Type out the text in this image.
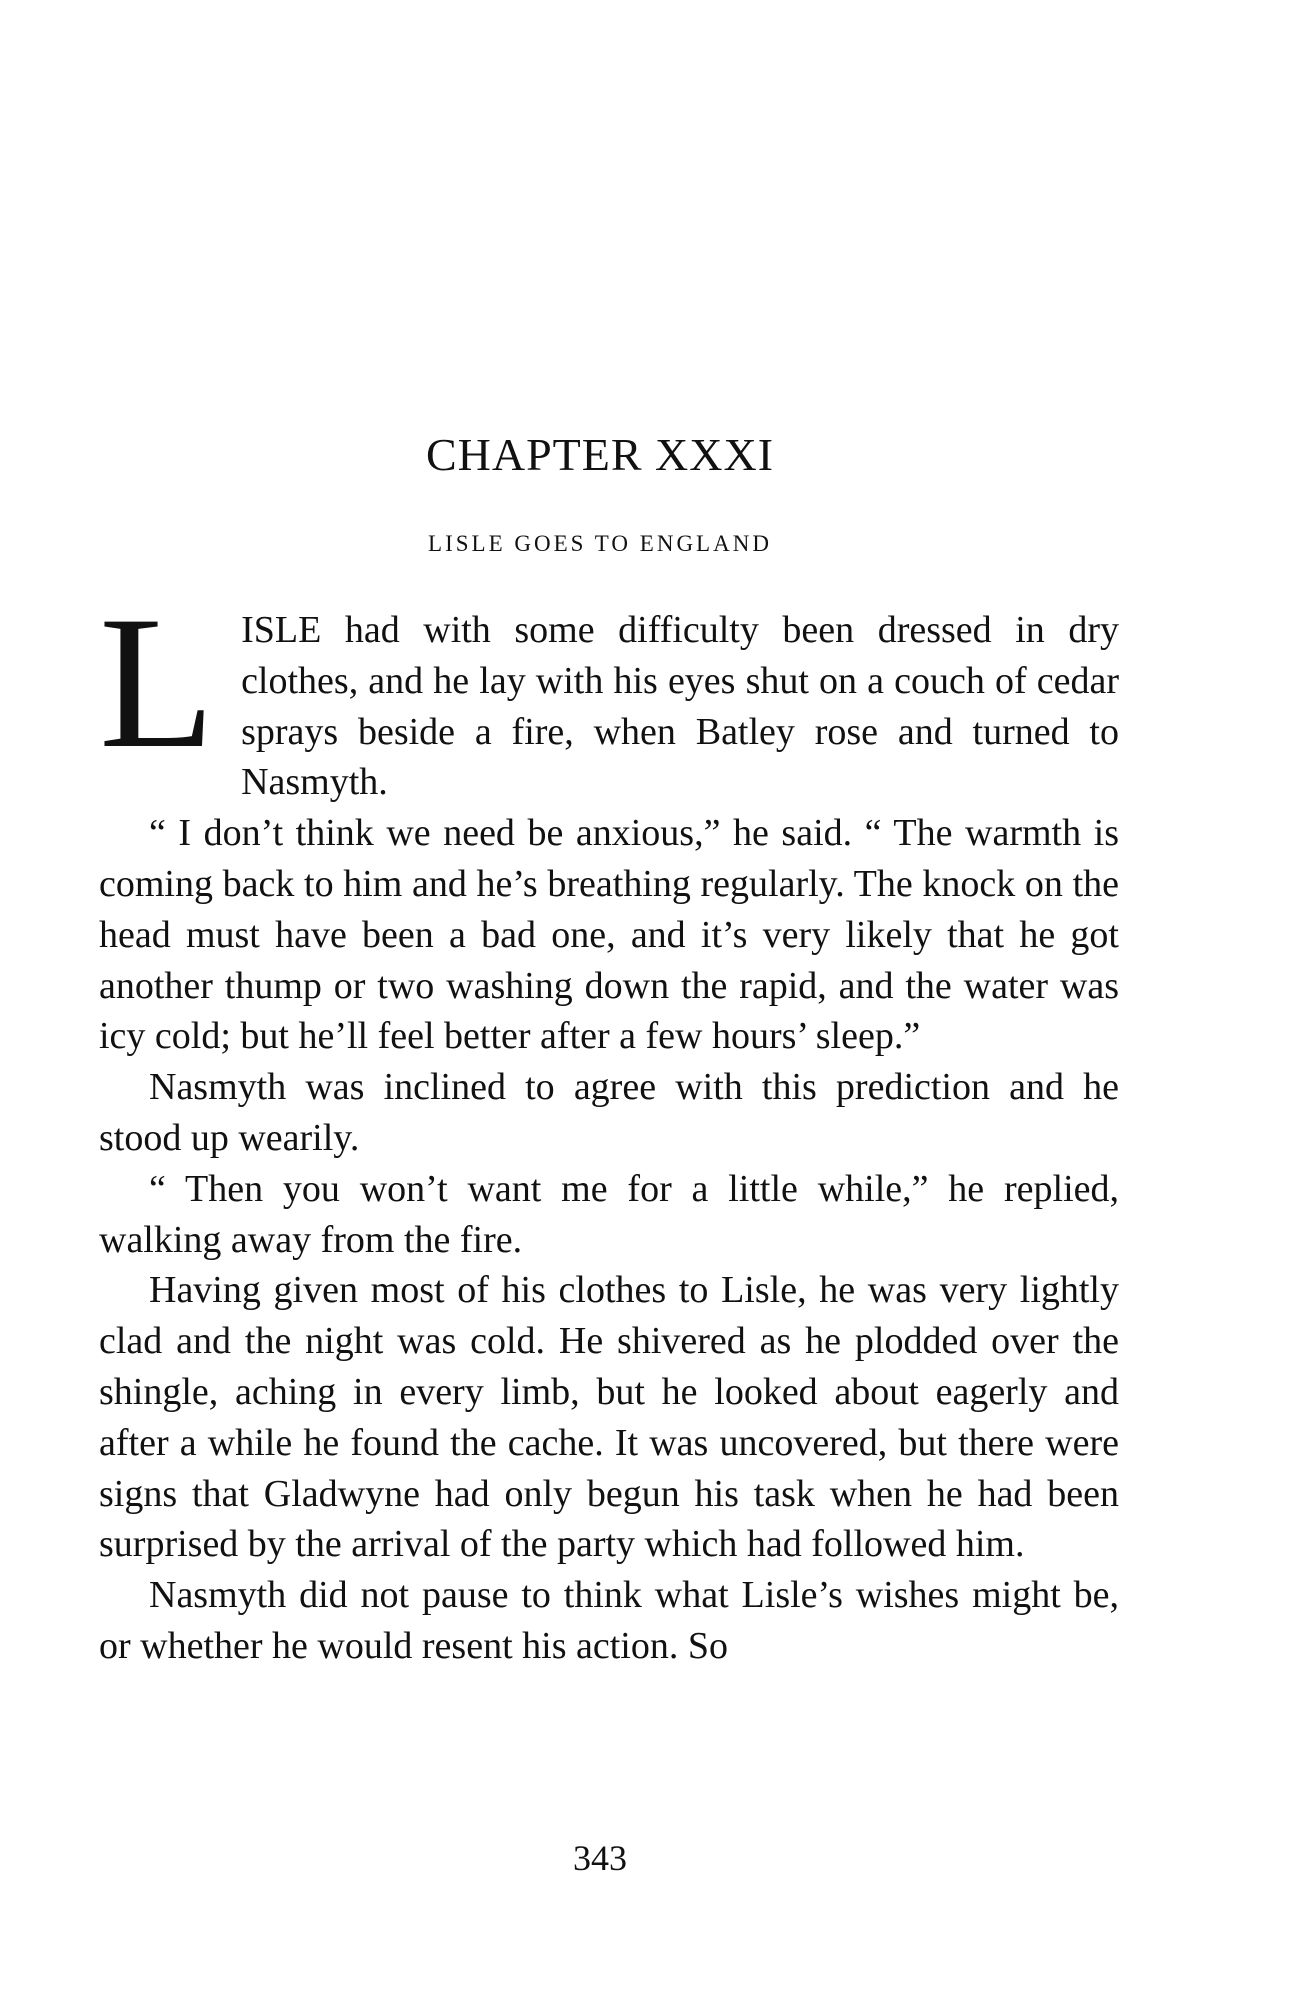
CHAPTER XXXI
LISLE GOES TO ENGLAND

LISLE had with some difficulty been dressed in dry clothes, and he lay with his eyes shut on a couch of cedar sprays beside a fire, when Batley rose and turned to Nasmyth.

“ I don’t think we need be anxious,” he said. “ The warmth is coming back to him and he’s breathing regularly. The knock on the head must have been a bad one, and it’s very likely that he got another thump or two washing down the rapid, and the water was icy cold; but he’ll feel better after a few hours’ sleep.”

Nasmyth was inclined to agree with this prediction and he stood up wearily.

“ Then you won’t want me for a little while,” he replied, walking away from the fire.

Having given most of his clothes to Lisle, he was very lightly clad and the night was cold. He shivered as he plodded over the shingle, aching in every limb, but he looked about eagerly and after a while he found the cache. It was uncovered, but there were signs that Gladwyne had only begun his task when he had been surprised by the arrival of the party which had followed him.

Nasmyth did not pause to think what Lisle’s wishes might be, or whether he would resent his action. So

343
